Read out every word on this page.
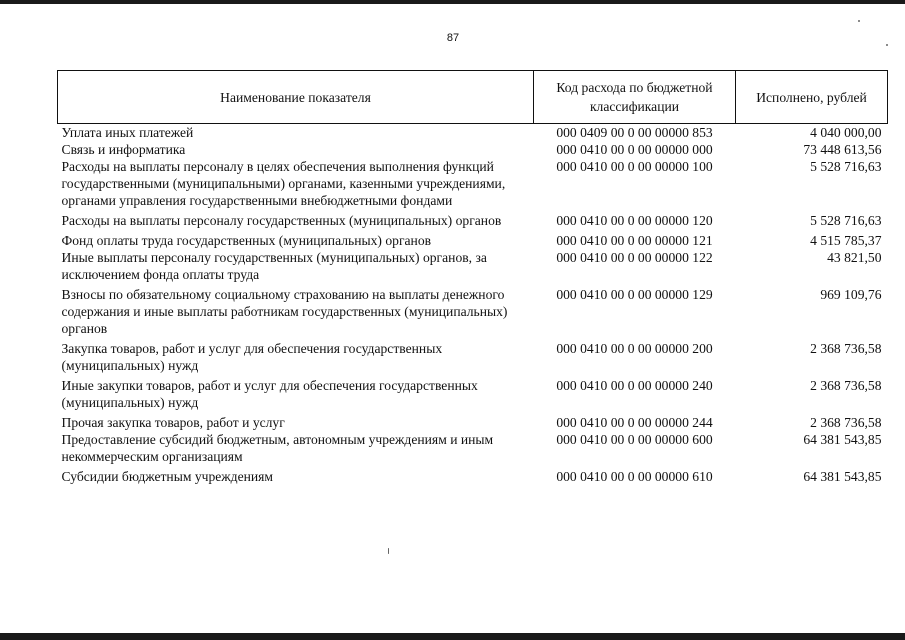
87
Наименование показателя	Код расхода по бюджетной классификации	Исполнено, рублей
Уплата иных платежей	000 0409 00 0 00 00000 853	4 040 000,00
Связь и информатика	000 0410 00 0 00 00000 000	73 448 613,56
Расходы на выплаты персоналу в целях обеспечения выполнения функций государственными (муниципальными) органами, казенными учреждениями, органами управления государственными внебюджетными фондами	000 0410 00 0 00 00000 100	5 528 716,63
Расходы на выплаты персоналу государственных (муниципальных) органов	000 0410 00 0 00 00000 120	5 528 716,63
Фонд оплаты труда государственных (муниципальных) органов	000 0410 00 0 00 00000 121	4 515 785,37
Иные выплаты персоналу государственных (муниципальных) органов, за исключением фонда оплаты труда	000 0410 00 0 00 00000 122	43 821,50
Взносы по обязательному социальному страхованию на выплаты денежного содержания и иные выплаты работникам государственных (муниципальных) органов	000 0410 00 0 00 00000 129	969 109,76
Закупка товаров, работ и услуг для обеспечения государственных (муниципальных) нужд	000 0410 00 0 00 00000 200	2 368 736,58
Иные закупки товаров, работ и услуг для обеспечения государственных (муниципальных) нужд	000 0410 00 0 00 00000 240	2 368 736,58
Прочая закупка товаров, работ и услуг	000 0410 00 0 00 00000 244	2 368 736,58
Предоставление субсидий бюджетным, автономным учреждениям и иным некоммерческим организациям	000 0410 00 0 00 00000 600	64 381 543,85
Субсидии бюджетным учреждениям	000 0410 00 0 00 00000 610	64 381 543,85
